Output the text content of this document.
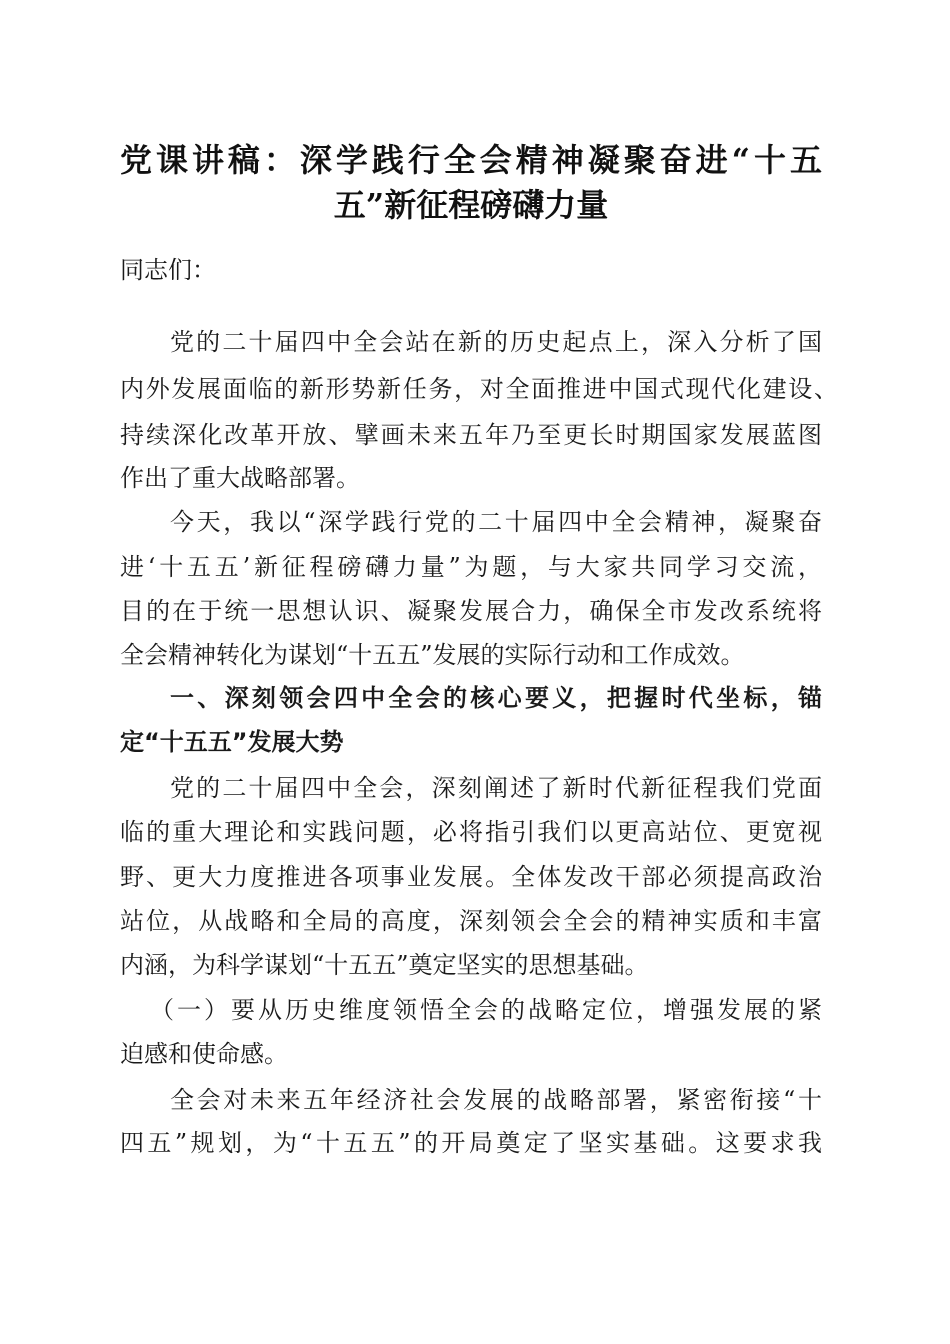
党课讲稿：深学践行全会精神凝聚奋进“十五
五”新征程磅礴力量
同志们：
党的二十届四中全会站在新的历史起点上，深入分析了国
内外发展面临的新形势新任务，对全面推进中国式现代化建设、
持续深化改革开放、擘画未来五年乃至更长时期国家发展蓝图
作出了重大战略部署。
今天，我以“深学践行党的二十届四中全会精神，凝聚奋
进‘十五五’新征程磅礴力量”为题，与大家共同学习交流，
目的在于统一思想认识、凝聚发展合力，确保全市发改系统将
全会精神转化为谋划“十五五”发展的实际行动和工作成效。
一、深刻领会四中全会的核心要义，把握时代坐标，锚
定“十五五”发展大势
党的二十届四中全会，深刻阐述了新时代新征程我们党面
临的重大理论和实践问题，必将指引我们以更高站位、更宽视
野、更大力度推进各项事业发展。全体发改干部必须提高政治
站位，从战略和全局的高度，深刻领会全会的精神实质和丰富
内涵，为科学谋划“十五五”奠定坚实的思想基础。
（一）要从历史维度领悟全会的战略定位，增强发展的紧
迫感和使命感。
全会对未来五年经济社会发展的战略部署，紧密衔接“十
四五”规划，为“十五五”的开局奠定了坚实基础。这要求我
